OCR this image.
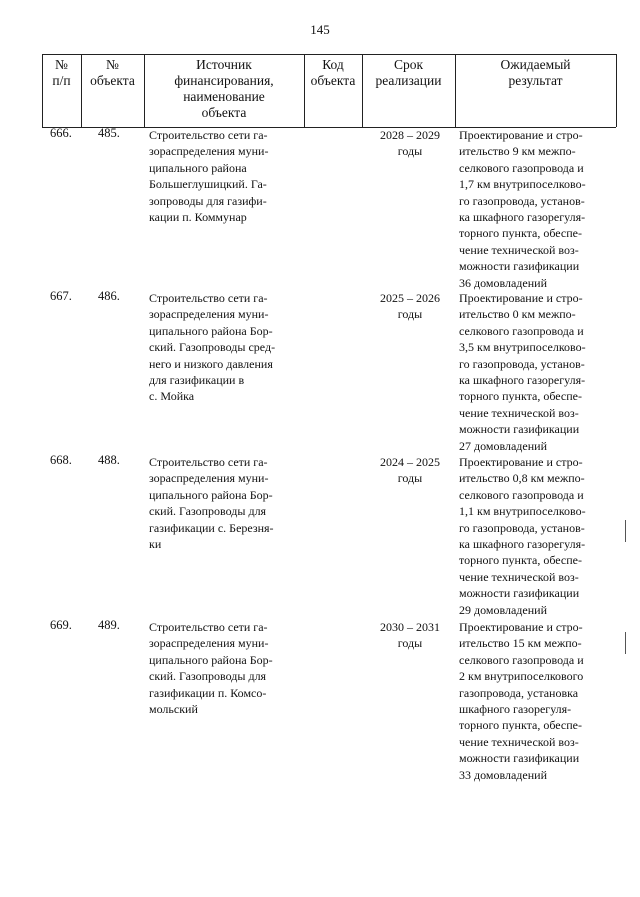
145
№
п/п
№
объекта
Источник
финансирования,
наименование
объекта
Код
объекта
Срок
реализации
Ожидаемый
результат
666. 485. Строительство сети га-
зораспределения муни-
ципального района
Большеглушицкий. Га-
зопроводы для газифи-
кации п. Коммунар
2028 – 2029
годы
Проектирование и стро-
ительство 9 км межпо-
селкового газопровода и
1,7 км внутрипоселково-
го газопровода, установ-
ка шкафного газорегуля-
торного пункта, обеспе-
чение технической воз-
можности газификации
36 домовладений
667. 486. Строительство сети га-
зораспределения муни-
ципального района Бор-
ский. Газопроводы сред-
него и низкого давления
для газификации в
с. Мойка
2025 – 2026
годы
Проектирование и стро-
ительство 0 км межпо-
селкового газопровода и
3,5 км внутрипоселково-
го газопровода, установ-
ка шкафного газорегуля-
торного пункта, обеспе-
чение технической воз-
можности газификации
27 домовладений
668. 488. Строительство сети га-
зораспределения муни-
ципального района Бор-
ский. Газопроводы для
газификации с. Березня-
ки
2024 – 2025
годы
Проектирование и стро-
ительство 0,8 км межпо-
селкового газопровода и
1,1 км внутрипоселково-
го газопровода, установ-
ка шкафного газорегуля-
торного пункта, обеспе-
чение технической воз-
можности газификации
29 домовладений
669. 489. Строительство сети га-
зораспределения муни-
ципального района Бор-
ский. Газопроводы для
газификации п. Комсо-
мольский
2030 – 2031
годы
Проектирование и стро-
ительство 15 км межпо-
селкового газопровода и
2 км внутрипоселкового
газопровода, установка
шкафного газорегуля-
торного пункта, обеспе-
чение технической воз-
можности газификации
33 домовладений
